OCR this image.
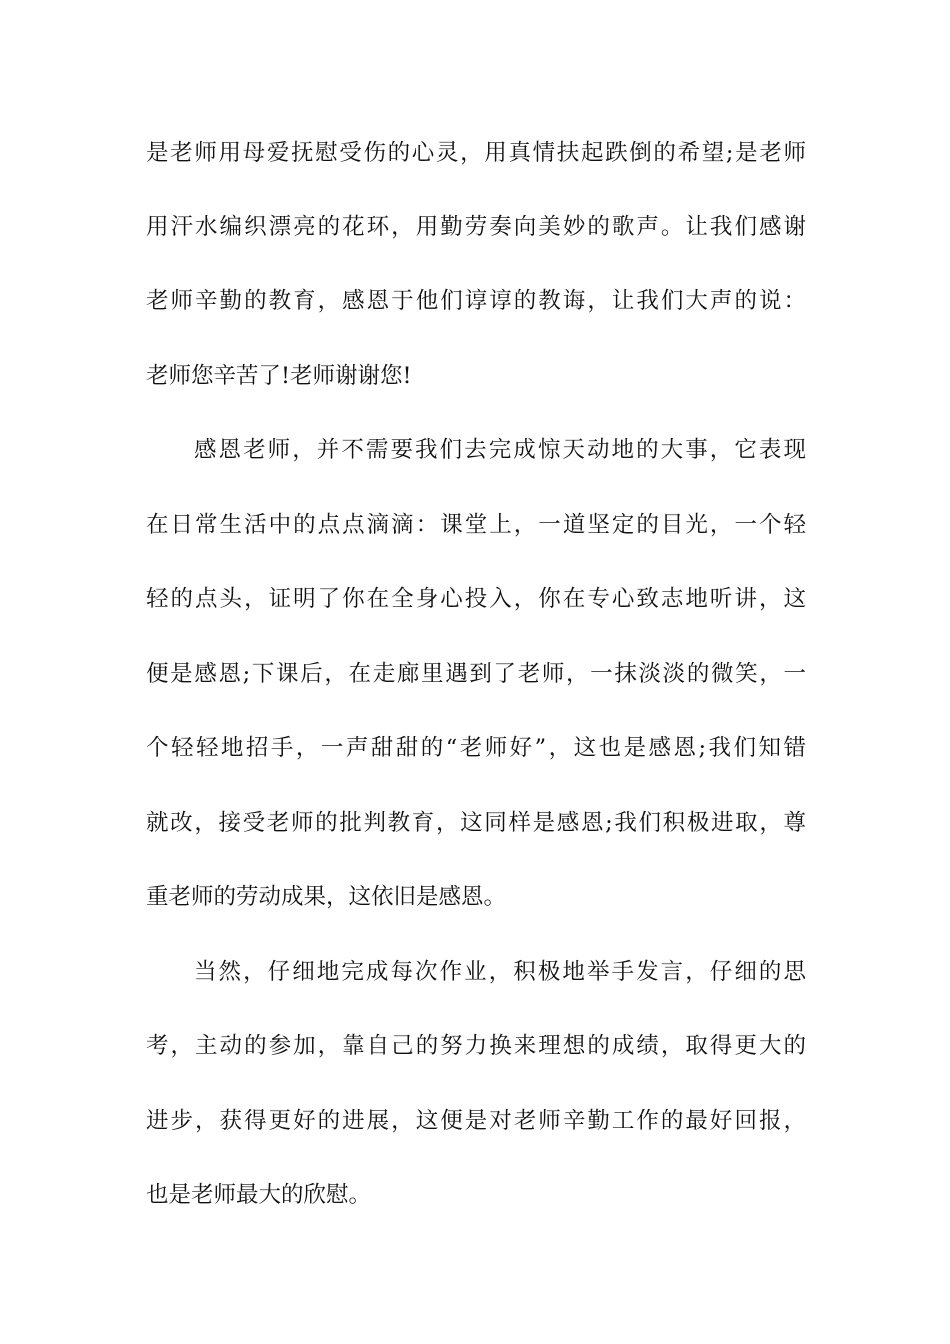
是老师用母爱抚慰受伤的心灵，用真情扶起跌倒的希望;是老师
用汗水编织漂亮的花环，用勤劳奏向美妙的歌声。让我们感谢
老师辛勤的教育，感恩于他们谆谆的教诲，让我们大声的说：
老师您辛苦了!老师谢谢您!
感恩老师，并不需要我们去完成惊天动地的大事，它表现
在日常生活中的点点滴滴：课堂上，一道坚定的目光，一个轻
轻的点头，证明了你在全身心投入，你在专心致志地听讲，这
便是感恩;下课后，在走廊里遇到了老师，一抹淡淡的微笑，一
个轻轻地招手，一声甜甜的“老师好”，这也是感恩;我们知错
就改，接受老师的批判教育，这同样是感恩;我们积极进取，尊
重老师的劳动成果，这依旧是感恩。
当然，仔细地完成每次作业，积极地举手发言，仔细的思
考，主动的参加，靠自己的努力换来理想的成绩，取得更大的
进步，获得更好的进展，这便是对老师辛勤工作的最好回报，
也是老师最大的欣慰。
